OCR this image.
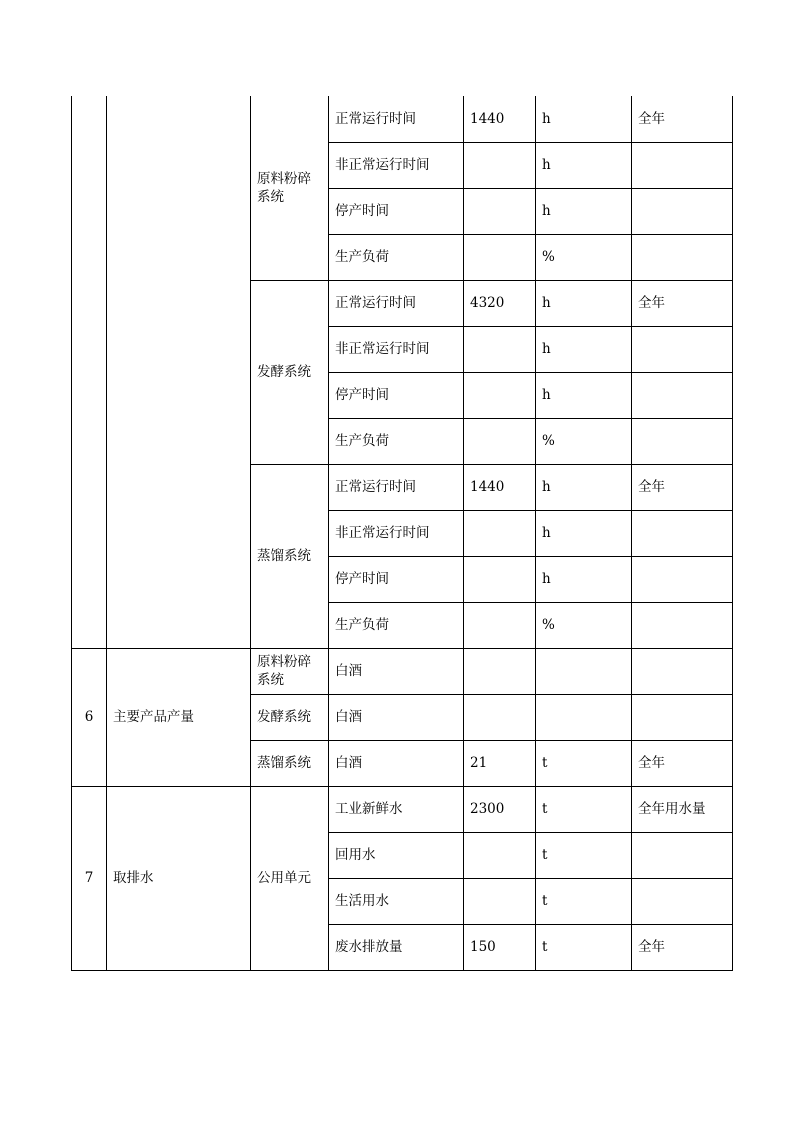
		原料粉碎系统	正常运行时间	1440	h	全年
			非正常运行时间		h	
			停产时间		h	
			生产负荷		%	
		发酵系统	正常运行时间	4320	h	全年
			非正常运行时间		h	
			停产时间		h	
			生产负荷		%	
		蒸馏系统	正常运行时间	1440	h	全年
			非正常运行时间		h	
			停产时间		h	
			生产负荷		%	
6	主要产品产量	原料粉碎系统	白酒			
		发酵系统	白酒			
		蒸馏系统	白酒	21	t	全年
7	取排水	公用单元	工业新鲜水	2300	t	全年用水量
			回用水		t	
			生活用水		t	
			废水排放量	150	t	全年
